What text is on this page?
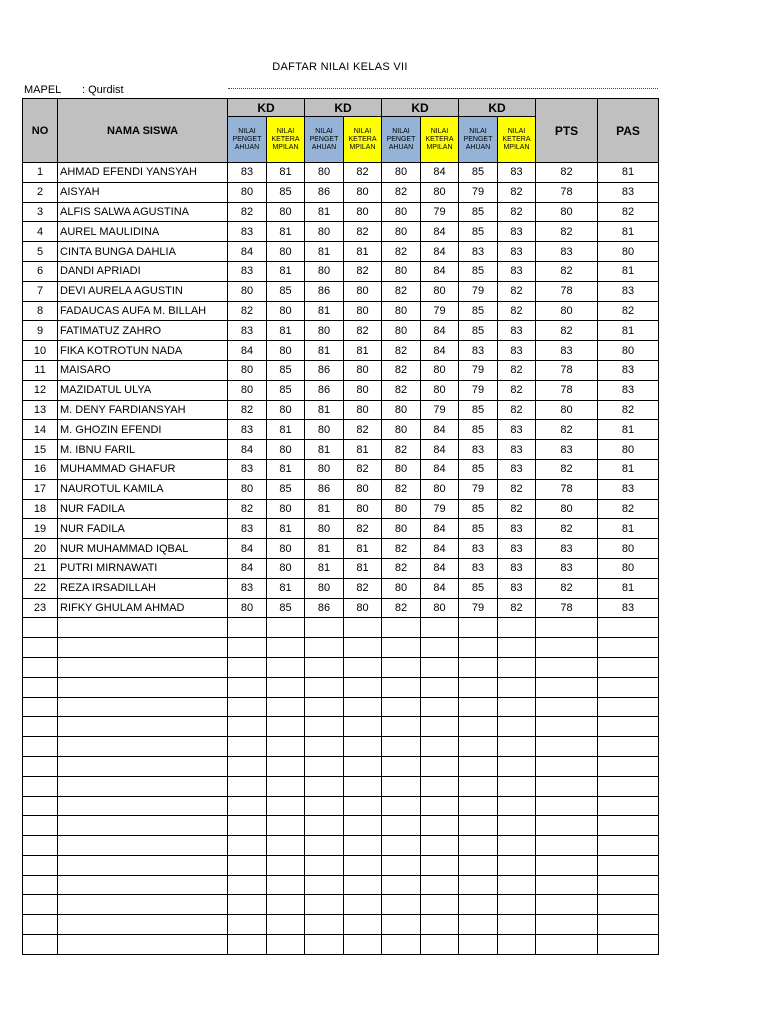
DAFTAR NILAI KELAS VII
MAPEL : Qurdist
NO	NAMA SISWA	KD		KD		KD		KD		PTS	PAS
		NILAI PENGET AHUAN	NILAI KETERA MPILAN	NILAI PENGET AHUAN	NILAI KETERA MPILAN	NILAI PENGET AHUAN	NILAI KETERA MPILAN	NILAI PENGET AHUAN	NILAI KETERA MPILAN		
1	AHMAD EFENDI YANSYAH	83	81	80	82	80	84	85	83	82	81
2	AISYAH	80	85	86	80	82	80	79	82	78	83
3	ALFIS SALWA AGUSTINA	82	80	81	80	80	79	85	82	80	82
4	AUREL MAULIDINA	83	81	80	82	80	84	85	83	82	81
5	CINTA BUNGA DAHLIA	84	80	81	81	82	84	83	83	83	80
6	DANDI APRIADI	83	81	80	82	80	84	85	83	82	81
7	DEVI AURELA AGUSTIN	80	85	86	80	82	80	79	82	78	83
8	FADAUCAS AUFA M. BILLAH	82	80	81	80	80	79	85	82	80	82
9	FATIMATUZ ZAHRO	83	81	80	82	80	84	85	83	82	81
10	FIKA KOTROTUN NADA	84	80	81	81	82	84	83	83	83	80
11	MAISARO	80	85	86	80	82	80	79	82	78	83
12	MAZIDATUL ULYA	80	85	86	80	82	80	79	82	78	83
13	M. DENY FARDIANSYAH	82	80	81	80	80	79	85	82	80	82
14	M. GHOZIN EFENDI	83	81	80	82	80	84	85	83	82	81
15	M. IBNU FARIL	84	80	81	81	82	84	83	83	83	80
16	MUHAMMAD GHAFUR	83	81	80	82	80	84	85	83	82	81
17	NAUROTUL KAMILA	80	85	86	80	82	80	79	82	78	83
18	NUR FADILA	82	80	81	80	80	79	85	82	80	82
19	NUR FADILA	83	81	80	82	80	84	85	83	82	81
20	NUR MUHAMMAD IQBAL	84	80	81	81	82	84	83	83	83	80
21	PUTRI MIRNAWATI	84	80	81	81	82	84	83	83	83	80
22	REZA IRSADILLAH	83	81	80	82	80	84	85	83	82	81
23	RIFKY GHULAM AHMAD	80	85	86	80	82	80	79	82	78	83
